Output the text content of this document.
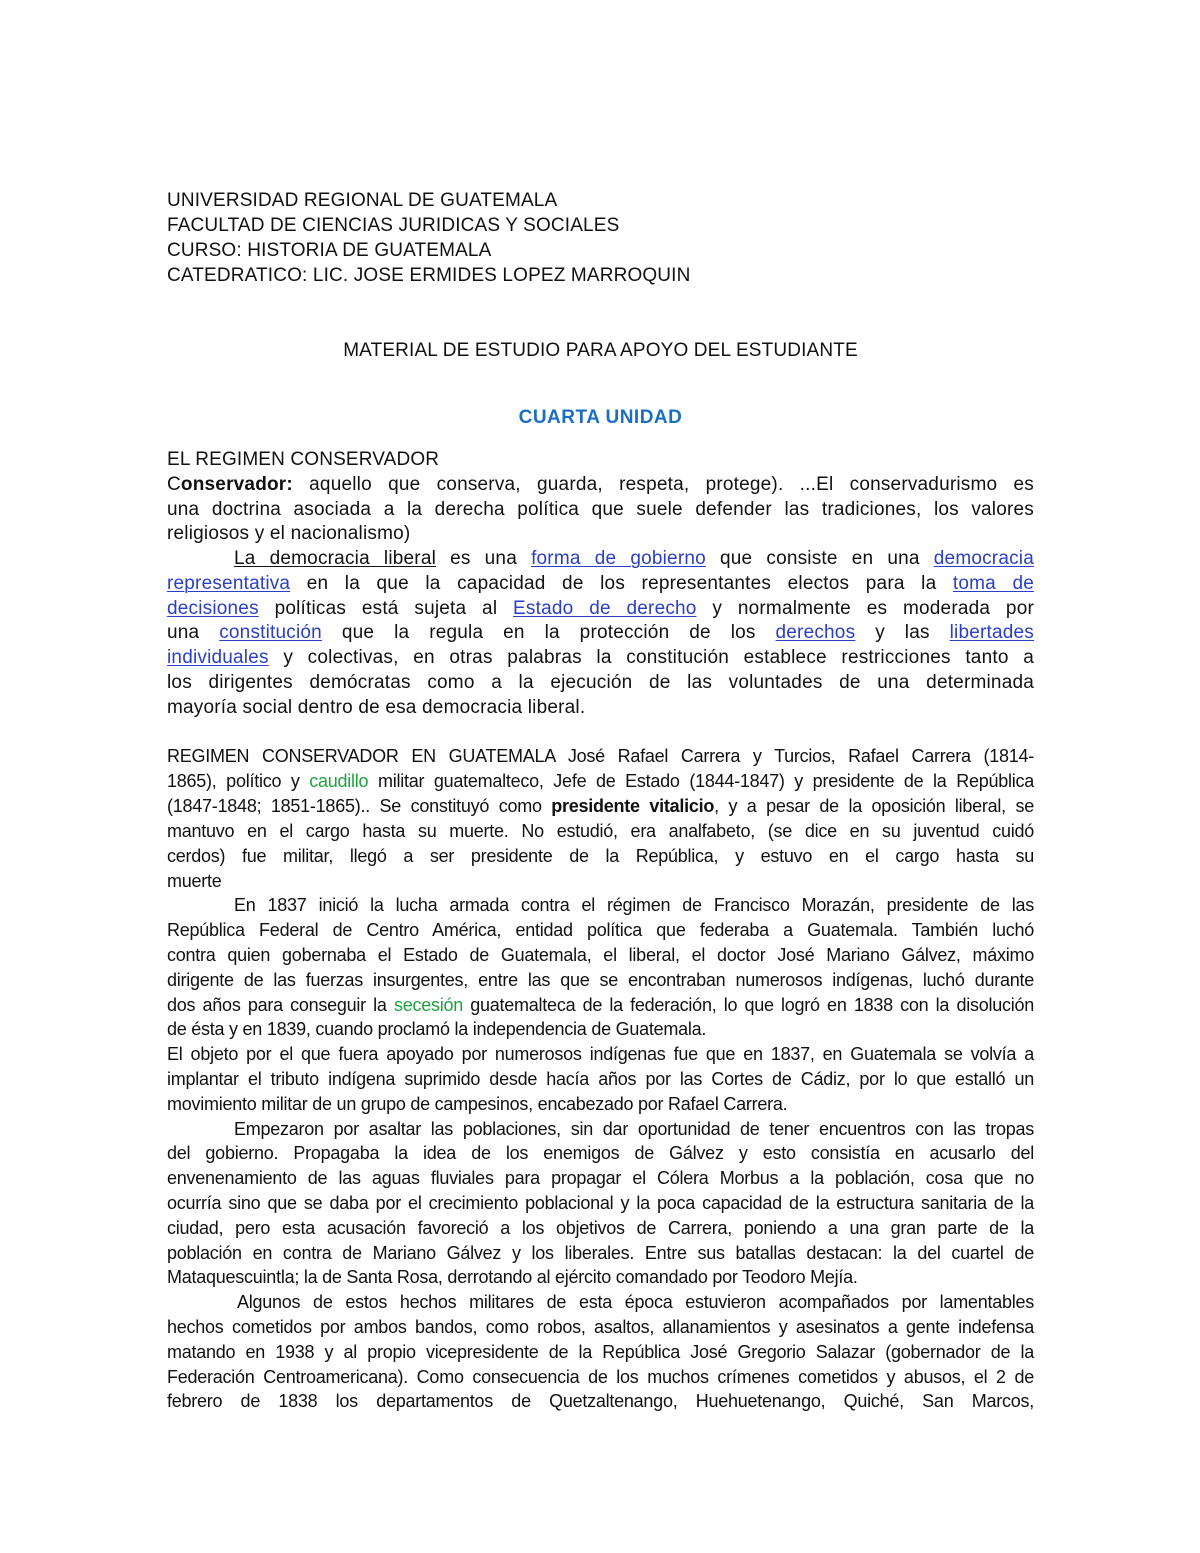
UNIVERSIDAD REGIONAL DE GUATEMALA
FACULTAD DE CIENCIAS JURIDICAS Y SOCIALES
CURSO: HISTORIA DE GUATEMALA
CATEDRATICO: LIC. JOSE ERMIDES LOPEZ MARROQUIN
MATERIAL DE ESTUDIO PARA APOYO DEL ESTUDIANTE
CUARTA UNIDAD
EL REGIMEN CONSERVADOR
Conservador: aquello que conserva, guarda, respeta, protege). ...El conservadurismo es
una doctrina asociada a la derecha política que suele defender las tradiciones, los valores
religiosos y el nacionalismo)
La democracia liberal es una forma de gobierno que consiste en una democracia
representativa en la que la capacidad de los representantes electos para la toma de
decisiones políticas está sujeta al Estado de derecho y normalmente es moderada por
una constitución que la regula en la protección de los derechos y las libertades
individuales y colectivas, en otras palabras la constitución establece restricciones tanto a
los dirigentes demócratas como a la ejecución de las voluntades de una determinada
mayoría social dentro de esa democracia liberal.
REGIMEN CONSERVADOR EN GUATEMALA José Rafael Carrera y Turcios, Rafael Carrera (1814-
1865), político y caudillo militar guatemalteco, Jefe de Estado (1844-1847) y presidente de la República
(1847-1848; 1851-1865).. Se constituyó como presidente vitalicio, y a pesar de la oposición liberal, se
mantuvo en el cargo hasta su muerte. No estudió, era analfabeto, (se dice en su juventud cuidó
cerdos) fue militar, llegó a ser presidente de la República, y estuvo en el cargo hasta su
muerte
En 1837 inició la lucha armada contra el régimen de Francisco Morazán, presidente de las
República Federal de Centro América, entidad política que federaba a Guatemala. También luchó
contra quien gobernaba el Estado de Guatemala, el liberal, el doctor José Mariano Gálvez, máximo
dirigente de las fuerzas insurgentes, entre las que se encontraban numerosos indígenas, luchó durante
dos años para conseguir la secesión guatemalteca de la federación, lo que logró en 1838 con la disolución
de ésta y en 1839, cuando proclamó la independencia de Guatemala.
El objeto por el que fuera apoyado por numerosos indígenas fue que en 1837, en Guatemala se volvía a
implantar el tributo indígena suprimido desde hacía años por las Cortes de Cádiz, por lo que estalló un
movimiento militar de un grupo de campesinos, encabezado por Rafael Carrera.
Empezaron por asaltar las poblaciones, sin dar oportunidad de tener encuentros con las tropas
del gobierno. Propagaba la idea de los enemigos de Gálvez y esto consistía en acusarlo del
envenenamiento de las aguas fluviales para propagar el Cólera Morbus a la población, cosa que no
ocurría sino que se daba por el crecimiento poblacional y la poca capacidad de la estructura sanitaria de la
ciudad, pero esta acusación favoreció a los objetivos de Carrera, poniendo a una gran parte de la
población en contra de Mariano Gálvez y los liberales. Entre sus batallas destacan: la del cuartel de
Mataquescuintla; la de Santa Rosa, derrotando al ejército comandado por Teodoro Mejía.
Algunos de estos hechos militares de esta época estuvieron acompañados por lamentables
hechos cometidos por ambos bandos, como robos, asaltos, allanamientos y asesinatos a gente indefensa
matando en 1938 y al propio vicepresidente de la República José Gregorio Salazar (gobernador de la
Federación Centroamericana). Como consecuencia de los muchos crímenes cometidos y abusos, el 2 de
febrero de 1838 los departamentos de Quetzaltenango, Huehuetenango, Quiché, San Marcos,
